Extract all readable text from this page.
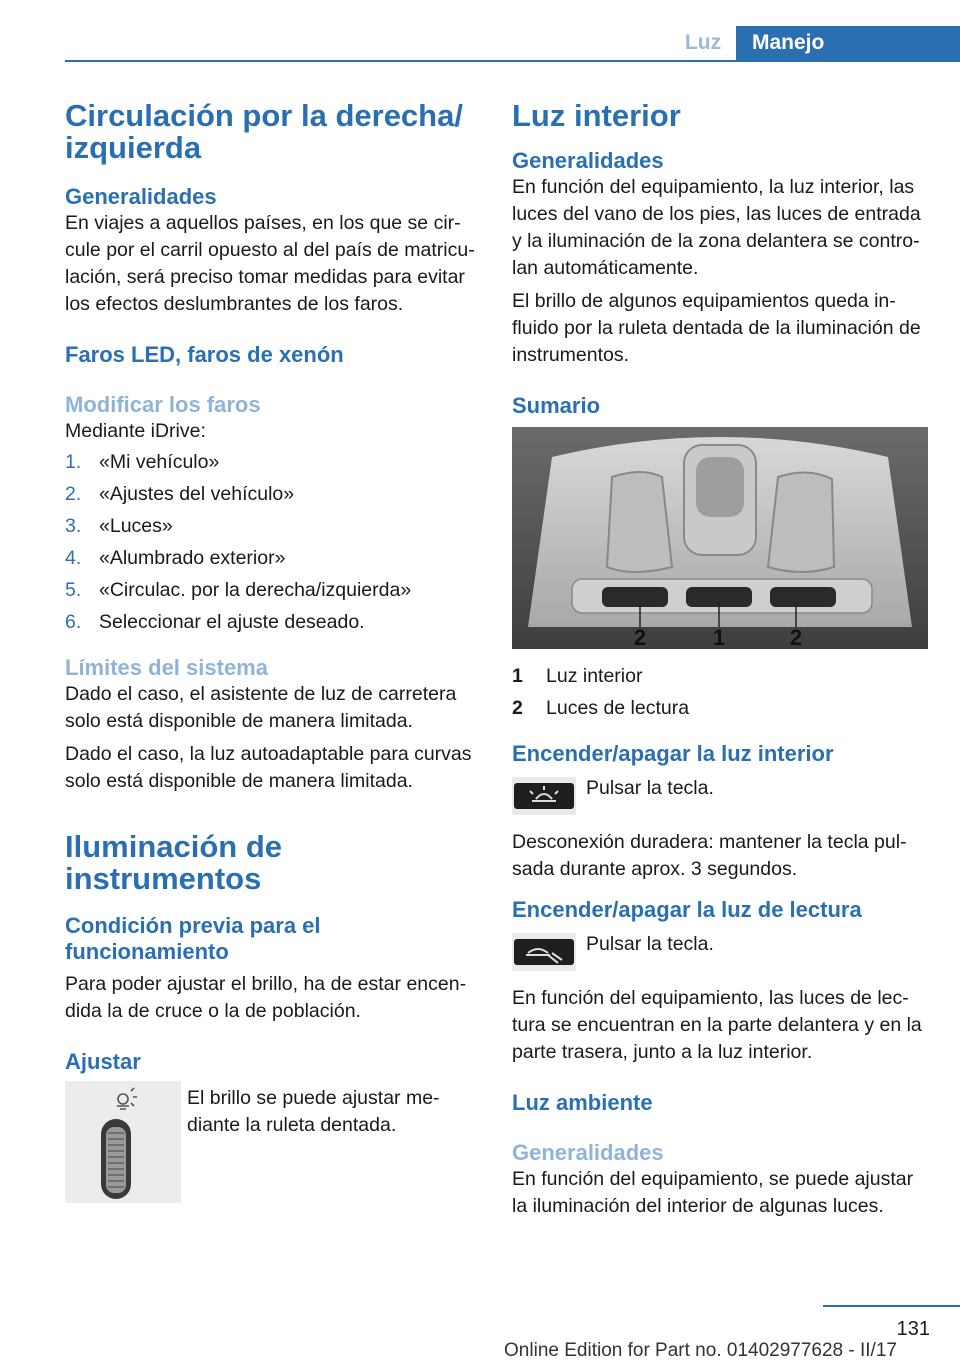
Luz	Manejo
Circulación por la derecha/ izquierda
Generalidades
En viajes a aquellos países, en los que se circule por el carril opuesto al del país de matriculación, será preciso tomar medidas para evitar los efectos deslumbrantes de los faros.
Faros LED, faros de xenón
Modificar los faros
Mediante iDrive:
1. «Mi vehículo»
2. «Ajustes del vehículo»
3. «Luces»
4. «Alumbrado exterior»
5. «Circulac. por la derecha/izquierda»
6. Seleccionar el ajuste deseado.
Límites del sistema
Dado el caso, el asistente de luz de carretera solo está disponible de manera limitada.
Dado el caso, la luz autoadaptable para curvas solo está disponible de manera limitada.
Iluminación de instrumentos
Condición previa para el funcionamiento
Para poder ajustar el brillo, ha de estar encendida la de cruce o la de población.
Ajustar
El brillo se puede ajustar mediante la ruleta dentada.
Luz interior
Generalidades
En función del equipamiento, la luz interior, las luces del vano de los pies, las luces de entrada y la iluminación de la zona delantera se controlan automáticamente.
El brillo de algunos equipamientos queda influido por la ruleta dentada de la iluminación de instrumentos.
Sumario
2	1	2
1	Luz interior
2	Luces de lectura
Encender/apagar la luz interior
Pulsar la tecla.
Desconexión duradera: mantener la tecla pulsada durante aprox. 3 segundos.
Encender/apagar la luz de lectura
Pulsar la tecla.
En función del equipamiento, las luces de lectura se encuentran en la parte delantera y en la parte trasera, junto a la luz interior.
Luz ambiente
Generalidades
En función del equipamiento, se puede ajustar la iluminación del interior de algunas luces.
131
Online Edition for Part no. 01402977628 - II/17
